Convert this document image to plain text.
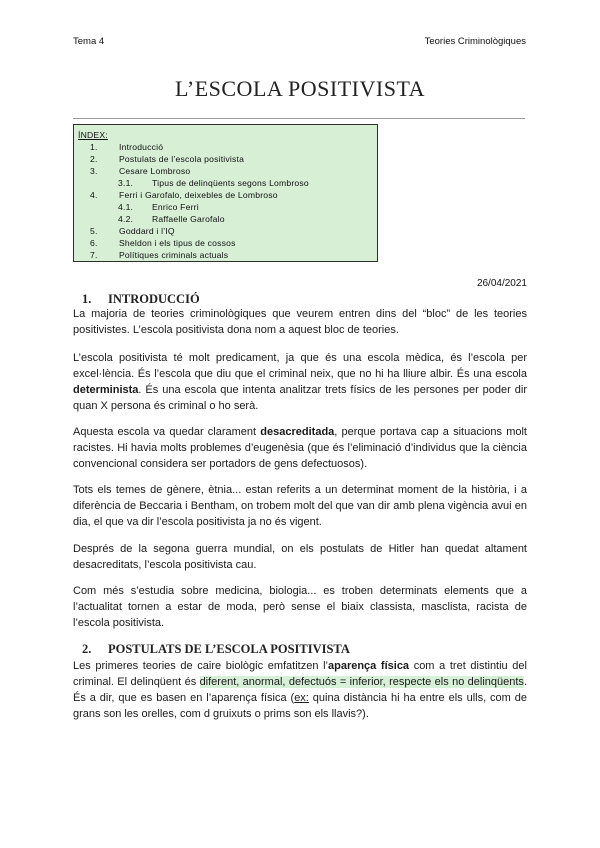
Tema 4	Teories Criminològiques
L’ESCOLA POSITIVISTA
ÍNDEX:
1. Introducció
2. Postulats de l’escola positivista
3. Cesare Lombroso
3.1. Tipus de delinqüents segons Lombroso
4. Ferri i Garofalo, deixebles de Lombroso
4.1. Enrico Ferri
4.2. Raffaelle Garofalo
5. Goddard i l’IQ
6. Sheldon i els tipus de cossos
7. Polítiques criminals actuals
26/04/2021
1. INTRODUCCIÓ
La majoria de teories criminològiques que veurem entren dins del “bloc” de les teories positivistes. L’escola positivista dona nom a aquest bloc de teories.
L’escola positivista té molt predicament, ja que és una escola mèdica, és l’escola per excel·lència. És l’escola que diu que el criminal neix, que no hi ha lliure albir. És una escola determinista. És una escola que intenta analitzar trets físics de les persones per poder dir quan X persona és criminal o ho serà.
Aquesta escola va quedar clarament desacreditada, perque portava cap a situacions molt racistes. Hi havia molts problemes d’eugenèsia (que és l’eliminació d’individus que la ciència convencional considera ser portadors de gens defectuosos).
Tots els temes de gènere, ètnia... estan referits a un determinat moment de la història, i a diferència de Beccaria i Bentham, on trobem molt del que van dir amb plena vigència avui en dia, el que va dir l’escola positivista ja no és vigent.
Després de la segona guerra mundial, on els postulats de Hitler han quedat altament desacreditats, l’escola positivista cau.
Com més s’estudia sobre medicina, biologia... es troben determinats elements que a l’actualitat tornen a estar de moda, però sense el biaix classista, masclista, racista de l’escola positivista.
2. POSTULATS DE L’ESCOLA POSITIVISTA
Les primeres teories de caire biològic emfatitzen l’aparença física com a tret distintiu del criminal. El delinqüent és diferent, anormal, defectuós = inferior, respecte els no delinqüents. És a dir, que es basen en l’aparença física (ex: quina distància hi ha entre els ulls, com de grans son les orelles, com d gruixuts o prims son els llavis?).
